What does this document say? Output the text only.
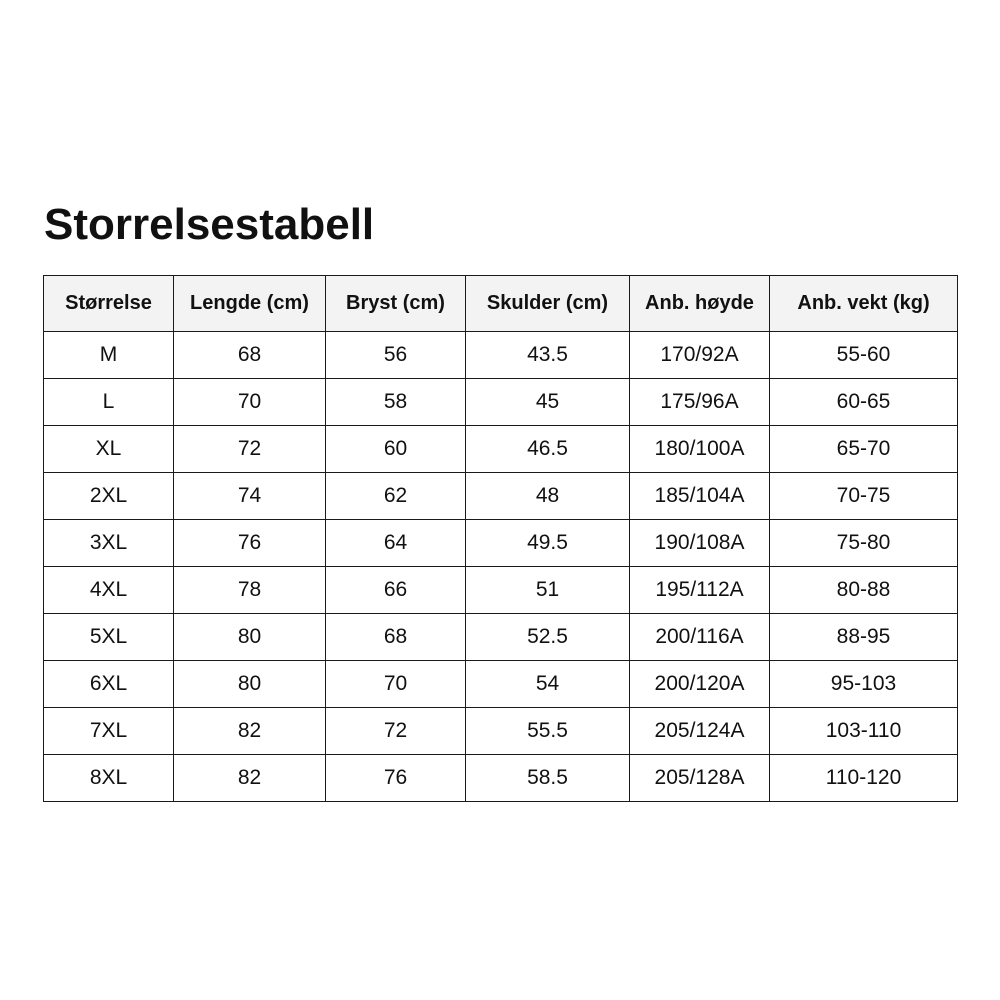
Storrelsestabell
Størrelse	Lengde (cm)	Bryst (cm)	Skulder (cm)	Anb. høyde	Anb. vekt (kg)
M	68	56	43.5	170/92A	55-60
L	70	58	45	175/96A	60-65
XL	72	60	46.5	180/100A	65-70
2XL	74	62	48	185/104A	70-75
3XL	76	64	49.5	190/108A	75-80
4XL	78	66	51	195/112A	80-88
5XL	80	68	52.5	200/116A	88-95
6XL	80	70	54	200/120A	95-103
7XL	82	72	55.5	205/124A	103-110
8XL	82	76	58.5	205/128A	110-120
